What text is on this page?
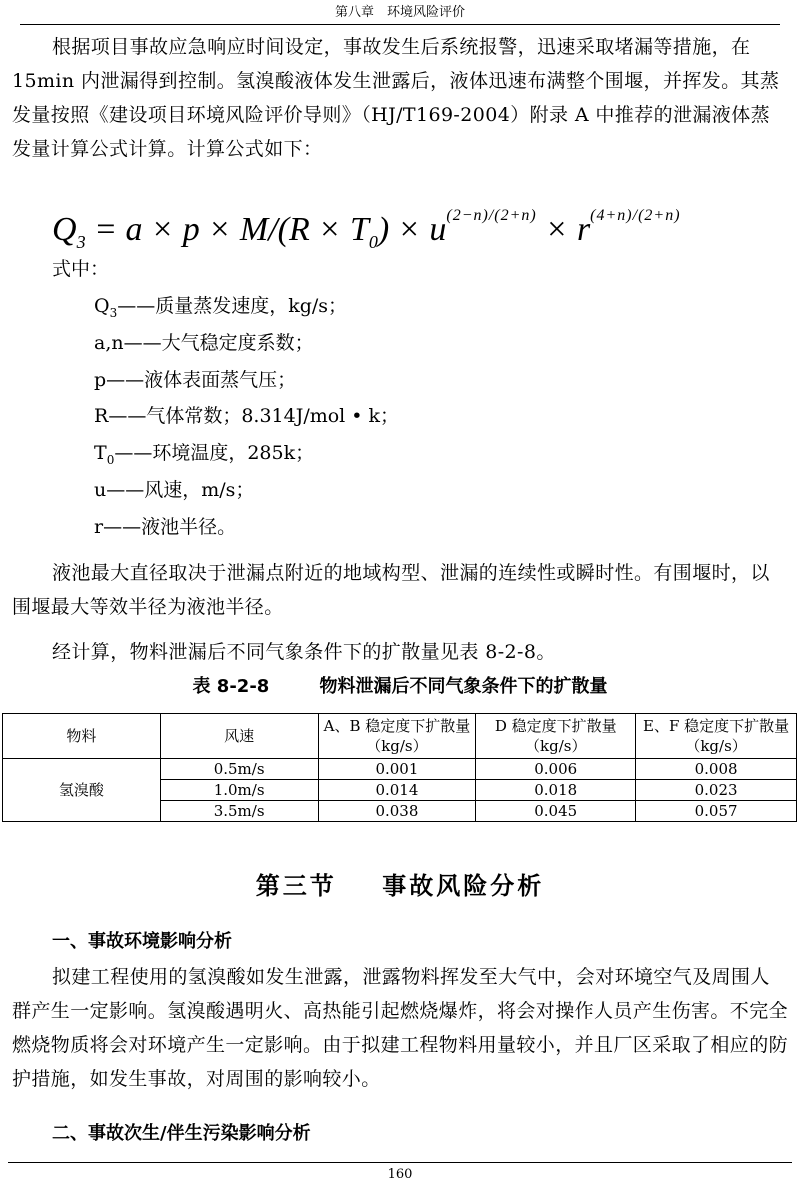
第八章　环境风险评价

根据项目事故应急响应时间设定，事故发生后系统报警，迅速采取堵漏等措施，在 15min 内泄漏得到控制。氢溴酸液体发生泄露后，液体迅速布满整个围堰，并挥发。其蒸发量按照《建设项目环境风险评价导则》（HJ/T169-2004）附录 A 中推荐的泄漏液体蒸发量计算公式计算。计算公式如下：

$Q_3 = a \times p \times M/(R \times T_0) \times u^{(2-n)/(2+n)} \times r^{(4+n)/(2+n)}$

式中：

$Q_3——$质量蒸发速度，kg/s；
a,n——大气稳定度系数；
p——液体表面蒸气压；
R——气体常数；8.314J/mol • k；
$T_0——$环境温度，285k；
u——风速，m/s；
r——液池半径。

液池最大直径取决于泄漏点附近的地域构型、泄漏的连续性或瞬时性。有围堰时，以围堰最大等效半径为液池半径。

经计算，物料泄漏后不同气象条件下的扩散量见表 8-2-8。

表 8-2-8        物料泄漏后不同气象条件下的扩散量
物料	风速	A、B 稳定度下扩散量（kg/s）	D 稳定度下扩散量（kg/s）	E、F 稳定度下扩散量（kg/s）
氢溴酸	0.5m/s	0.001	0.006	0.008
	1.0m/s	0.014	0.018	0.023
	3.5m/s	0.038	0.045	0.057
第三节    事故风险分析

一、事故环境影响分析

拟建工程使用的氢溴酸如发生泄露，泄露物料挥发至大气中，会对环境空气及周围人群产生一定影响。氢溴酸遇明火、高热能引起燃烧爆炸，将会对操作人员产生伤害。不完全燃烧物质将会对环境产生一定影响。由于拟建工程物料用量较小，并且厂区采取了相应的防护措施，如发生事故，对周围的影响较小。

二、事故次生/伴生污染影响分析

160
